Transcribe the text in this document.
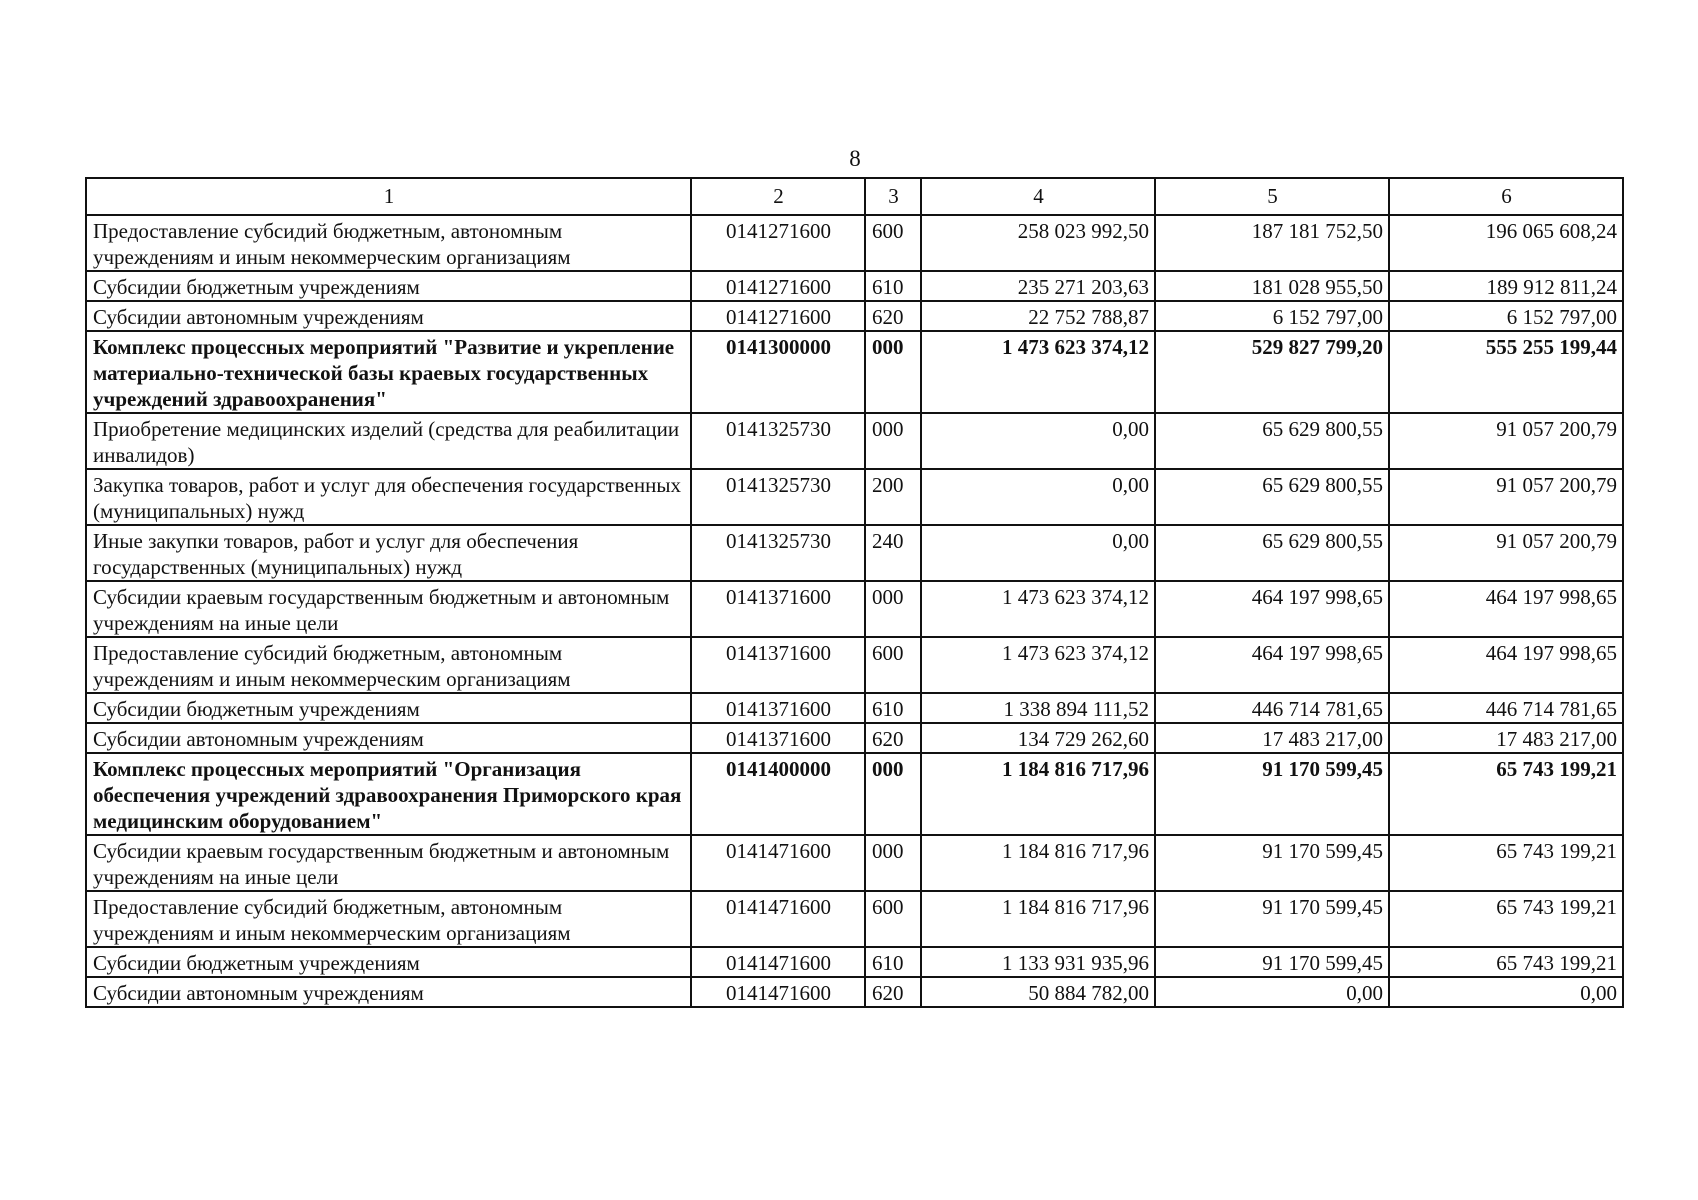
8
1	2	3	4	5	6
Предоставление субсидий бюджетным, автономным учреждениям и иным некоммерческим организациям	0141271600	600	258 023 992,50	187 181 752,50	196 065 608,24
Субсидии бюджетным учреждениям	0141271600	610	235 271 203,63	181 028 955,50	189 912 811,24
Субсидии автономным учреждениям	0141271600	620	22 752 788,87	6 152 797,00	6 152 797,00
Комплекс процессных мероприятий "Развитие и укрепление материально-технической базы краевых государственных учреждений здравоохранения"	0141300000	000	1 473 623 374,12	529 827 799,20	555 255 199,44
Приобретение медицинских изделий (средства для реабилитации инвалидов)	0141325730	000	0,00	65 629 800,55	91 057 200,79
Закупка товаров, работ и услуг для обеспечения государственных (муниципальных) нужд	0141325730	200	0,00	65 629 800,55	91 057 200,79
Иные закупки товаров, работ и услуг для обеспечения государственных (муниципальных) нужд	0141325730	240	0,00	65 629 800,55	91 057 200,79
Субсидии краевым государственным бюджетным и автономным учреждениям на иные цели	0141371600	000	1 473 623 374,12	464 197 998,65	464 197 998,65
Предоставление субсидий бюджетным, автономным учреждениям и иным некоммерческим организациям	0141371600	600	1 473 623 374,12	464 197 998,65	464 197 998,65
Субсидии бюджетным учреждениям	0141371600	610	1 338 894 111,52	446 714 781,65	446 714 781,65
Субсидии автономным учреждениям	0141371600	620	134 729 262,60	17 483 217,00	17 483 217,00
Комплекс процессных мероприятий "Организация обеспечения учреждений здравоохранения Приморского края медицинским оборудованием"	0141400000	000	1 184 816 717,96	91 170 599,45	65 743 199,21
Субсидии краевым государственным бюджетным и автономным учреждениям на иные цели	0141471600	000	1 184 816 717,96	91 170 599,45	65 743 199,21
Предоставление субсидий бюджетным, автономным учреждениям и иным некоммерческим организациям	0141471600	600	1 184 816 717,96	91 170 599,45	65 743 199,21
Субсидии бюджетным учреждениям	0141471600	610	1 133 931 935,96	91 170 599,45	65 743 199,21
Субсидии автономным учреждениям	0141471600	620	50 884 782,00	0,00	0,00
